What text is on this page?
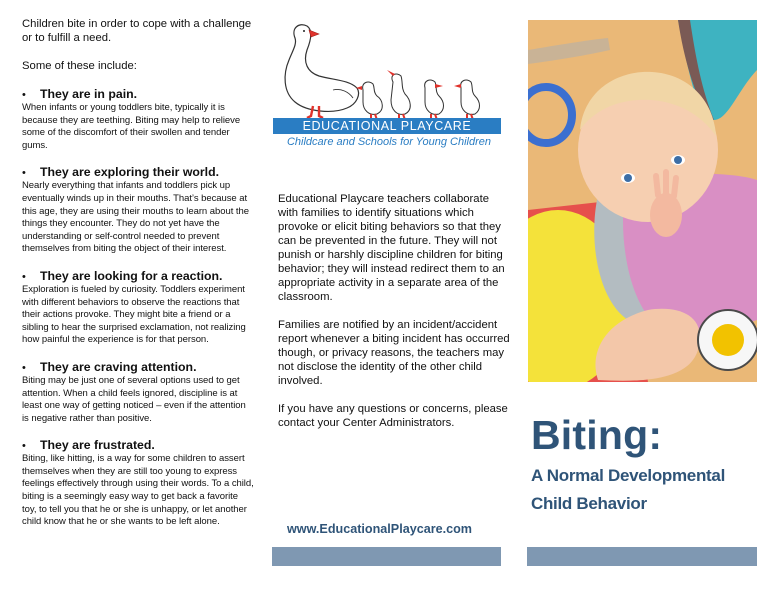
Children bite in order to cope with a challenge or to fulfill a need.

Some of these include:

•	They are in pain.
When infants or young toddlers bite, typically it is because they are teething. Biting may help to relieve some of the discomfort of their swollen and tender gums.
•	They are exploring their world.
Nearly everything that infants and toddlers pick up eventually winds up in their mouths. That’s because at this age, they are using their mouths to learn about the things they encounter. They do not yet have the understanding or self-control needed to prevent themselves from biting the object of their interest.
•	They are looking for a reaction.
Exploration is fueled by curiosity. Toddlers experiment with different behaviors to observe the reactions that their actions provoke. They might bite a friend or a sibling to hear the surprised exclamation, not realizing how painful the experience is for that person.
•	They are craving attention.
Biting may be just one of several options used to get attention. When a child feels ignored, discipline is at least one way of getting noticed – even if the attention is negative rather than positive.
•	They are frustrated.
Biting, like hitting, is a way for some children to assert themselves when they are still too young to express feelings effectively through using their words. To a child, biting is a seemingly easy way to get back a favorite toy, to tell you that he or she is unhappy, or let another child know that he or she wants to be left alone.
EDUCATIONAL PLAYCARE
Childcare and Schools for Young Children

Educational Playcare teachers collaborate with families to identify situations which provoke or elicit biting behaviors so that they can be prevented in the future. They will not punish or harshly discipline children for biting behavior; they will instead redirect them to an appropriate activity in a separate area of the classroom.

Families are notified by an incident/accident report whenever a biting incident has occurred though, or privacy reasons, the teachers may not disclose the identity of the other child involved.

If you have any questions or concerns, please contact your Center Administrators.

www.EducationalPlaycare.com
Biting:
A Normal Developmental
Child Behavior
